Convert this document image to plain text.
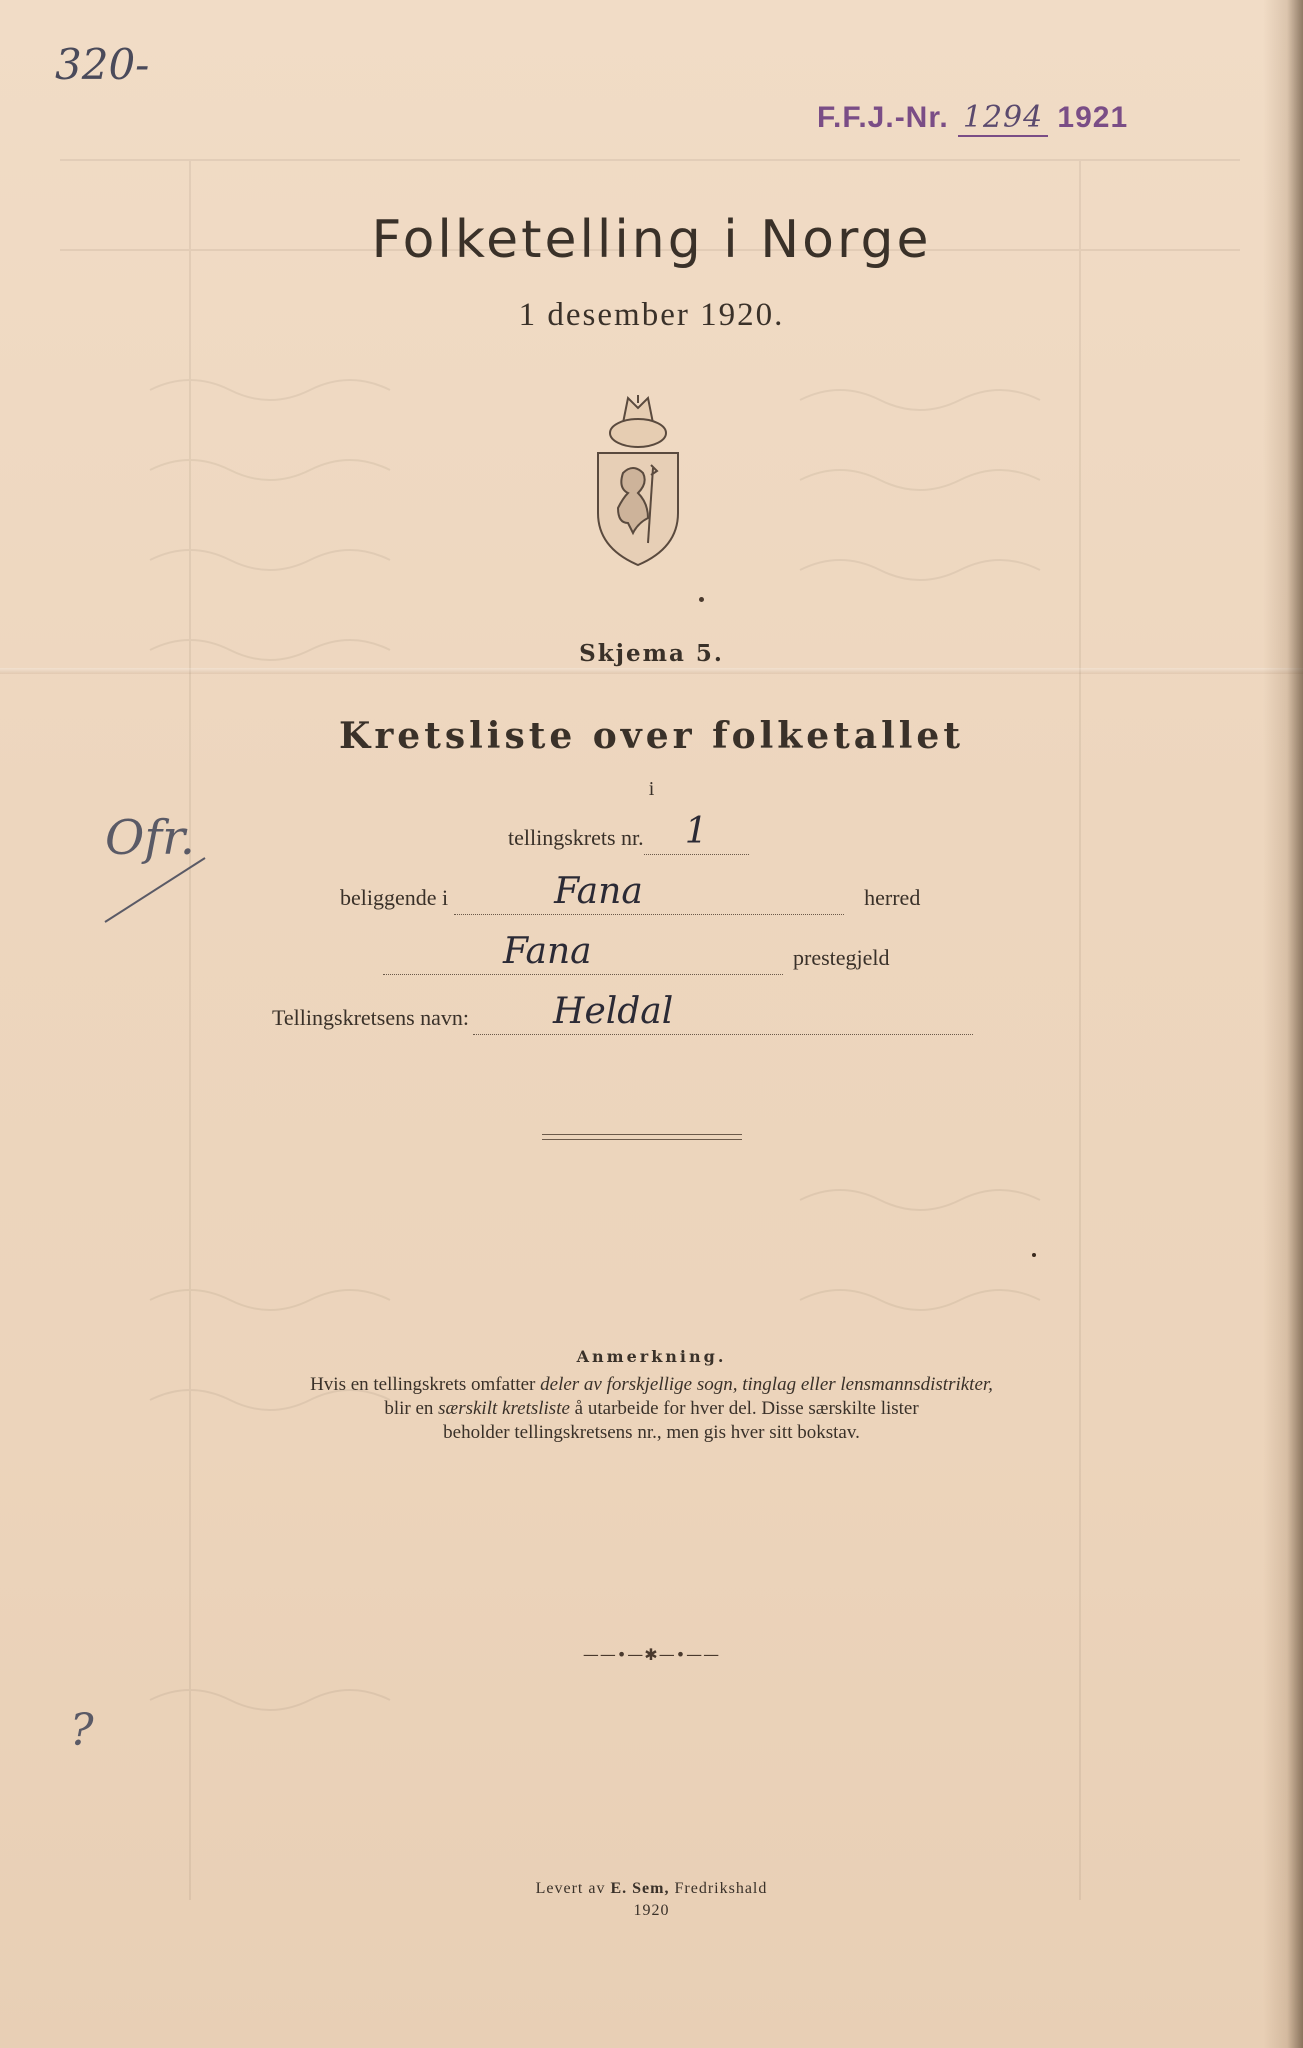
320-
Ofr.
?
F.F.J.-Nr. 1294 1921
Folketelling i Norge
1 desember 1920.
Skjema 5.
Kretsliste over folketallet
i
tellingskrets nr.	1
beliggende i	Fana	herred
Fana	prestegjeld
Tellingskretsens navn:	Heldal
Anmerkning.
Hvis en tellingskrets omfatter deler av forskjellige sogn, tinglag eller lensmannsdistrikter,
blir en særskilt kretsliste å utarbeide for hver del. Disse særskilte lister
beholder tellingskretsens nr., men gis hver sitt bokstav.
——•—✱—•——
Levert av E. Sem, Fredrikshald
1920
